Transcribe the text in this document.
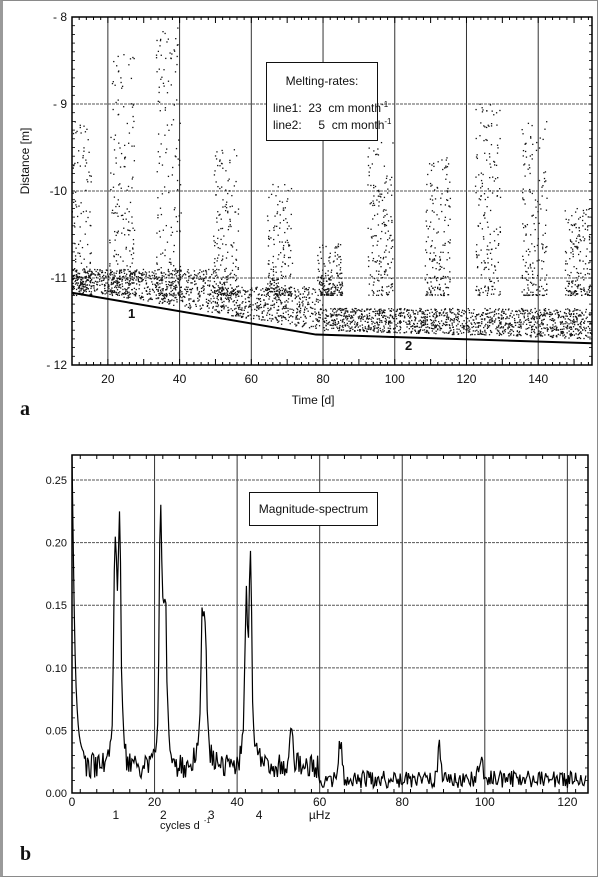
1
2
- 8
- 9
-10
-11
- 12
20	40	60	80	100	120	140
Time [d]
Distance [m]
0.25
0.20
0.15
0.10
0.05
0.00
0	20	40	60	80	100	120
1	2	3	4	µHz
cycles d -1
Melting-rates:
line1:  23  cm month$^{-1}$
line2:     5  cm month$^{-1}$
a
Magnitude-spectrum
b
